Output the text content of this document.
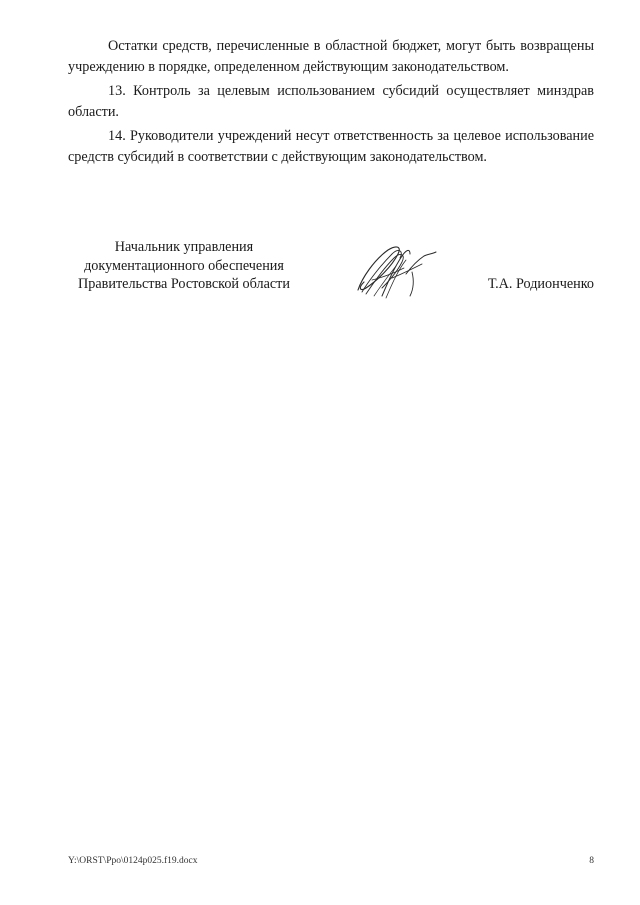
Остатки средств, перечисленные в областной бюджет, могут быть возвращены учреждению в порядке, определенном действующим законодательством.

13. Контроль за целевым использованием субсидий осуществляет минздрав области.

14. Руководители учреждений несут ответственность за целевое использование средств субсидий в соответствии с действующим законодательством.

Начальник управления
документационного обеспечения
Правительства Ростовской области	Т.А. Родионченко
Y:\ORST\Ppo\0124p025.f19.docx	8
